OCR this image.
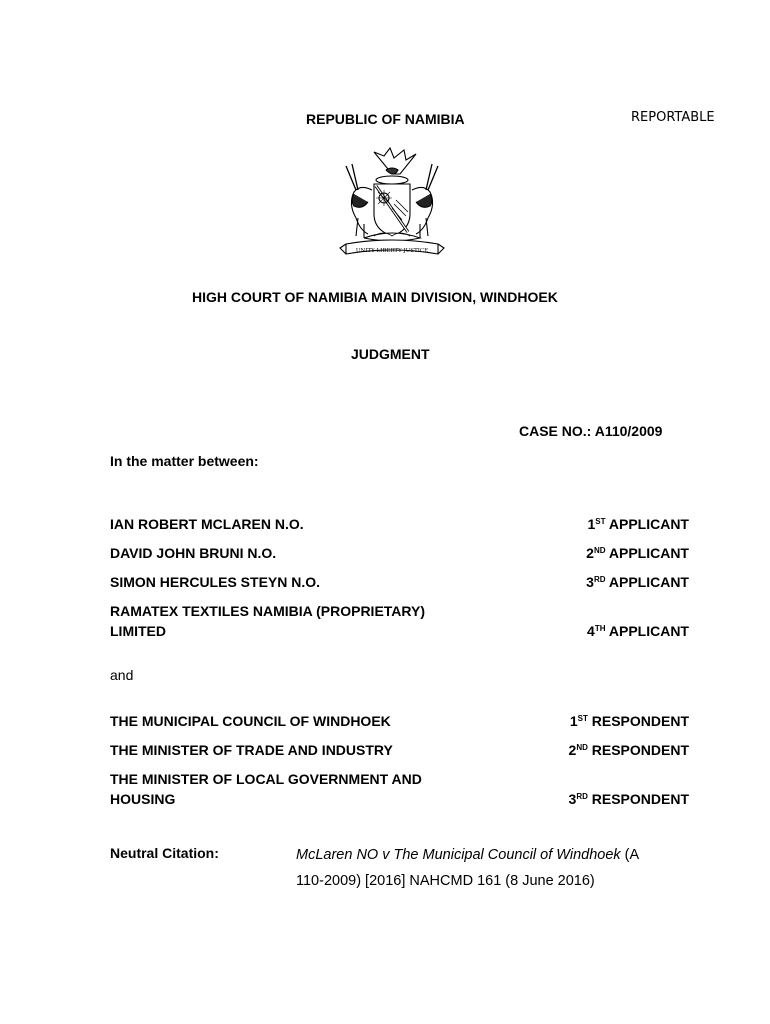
REPUBLIC OF NAMIBIA	REPORTABLE
UNITY LIBERTY JUSTICE
HIGH COURT OF NAMIBIA MAIN DIVISION, WINDHOEK
JUDGMENT
CASE NO.: A110/2009
In the matter between:
IAN ROBERT MCLAREN N.O.	1ST APPLICANT
DAVID JOHN BRUNI N.O.	2ND APPLICANT
SIMON HERCULES STEYN N.O.	3RD APPLICANT
RAMATEX TEXTILES NAMIBIA (PROPRIETARY)
LIMITED	4TH APPLICANT
and
THE MUNICIPAL COUNCIL OF WINDHOEK	1ST RESPONDENT
THE MINISTER OF TRADE AND INDUSTRY	2ND RESPONDENT
THE MINISTER OF LOCAL GOVERNMENT AND
HOUSING	3RD RESPONDENT
Neutral Citation:	McLaren NO v The Municipal Council of Windhoek (A
110-2009) [2016] NAHCMD 161 (8 June 2016)
